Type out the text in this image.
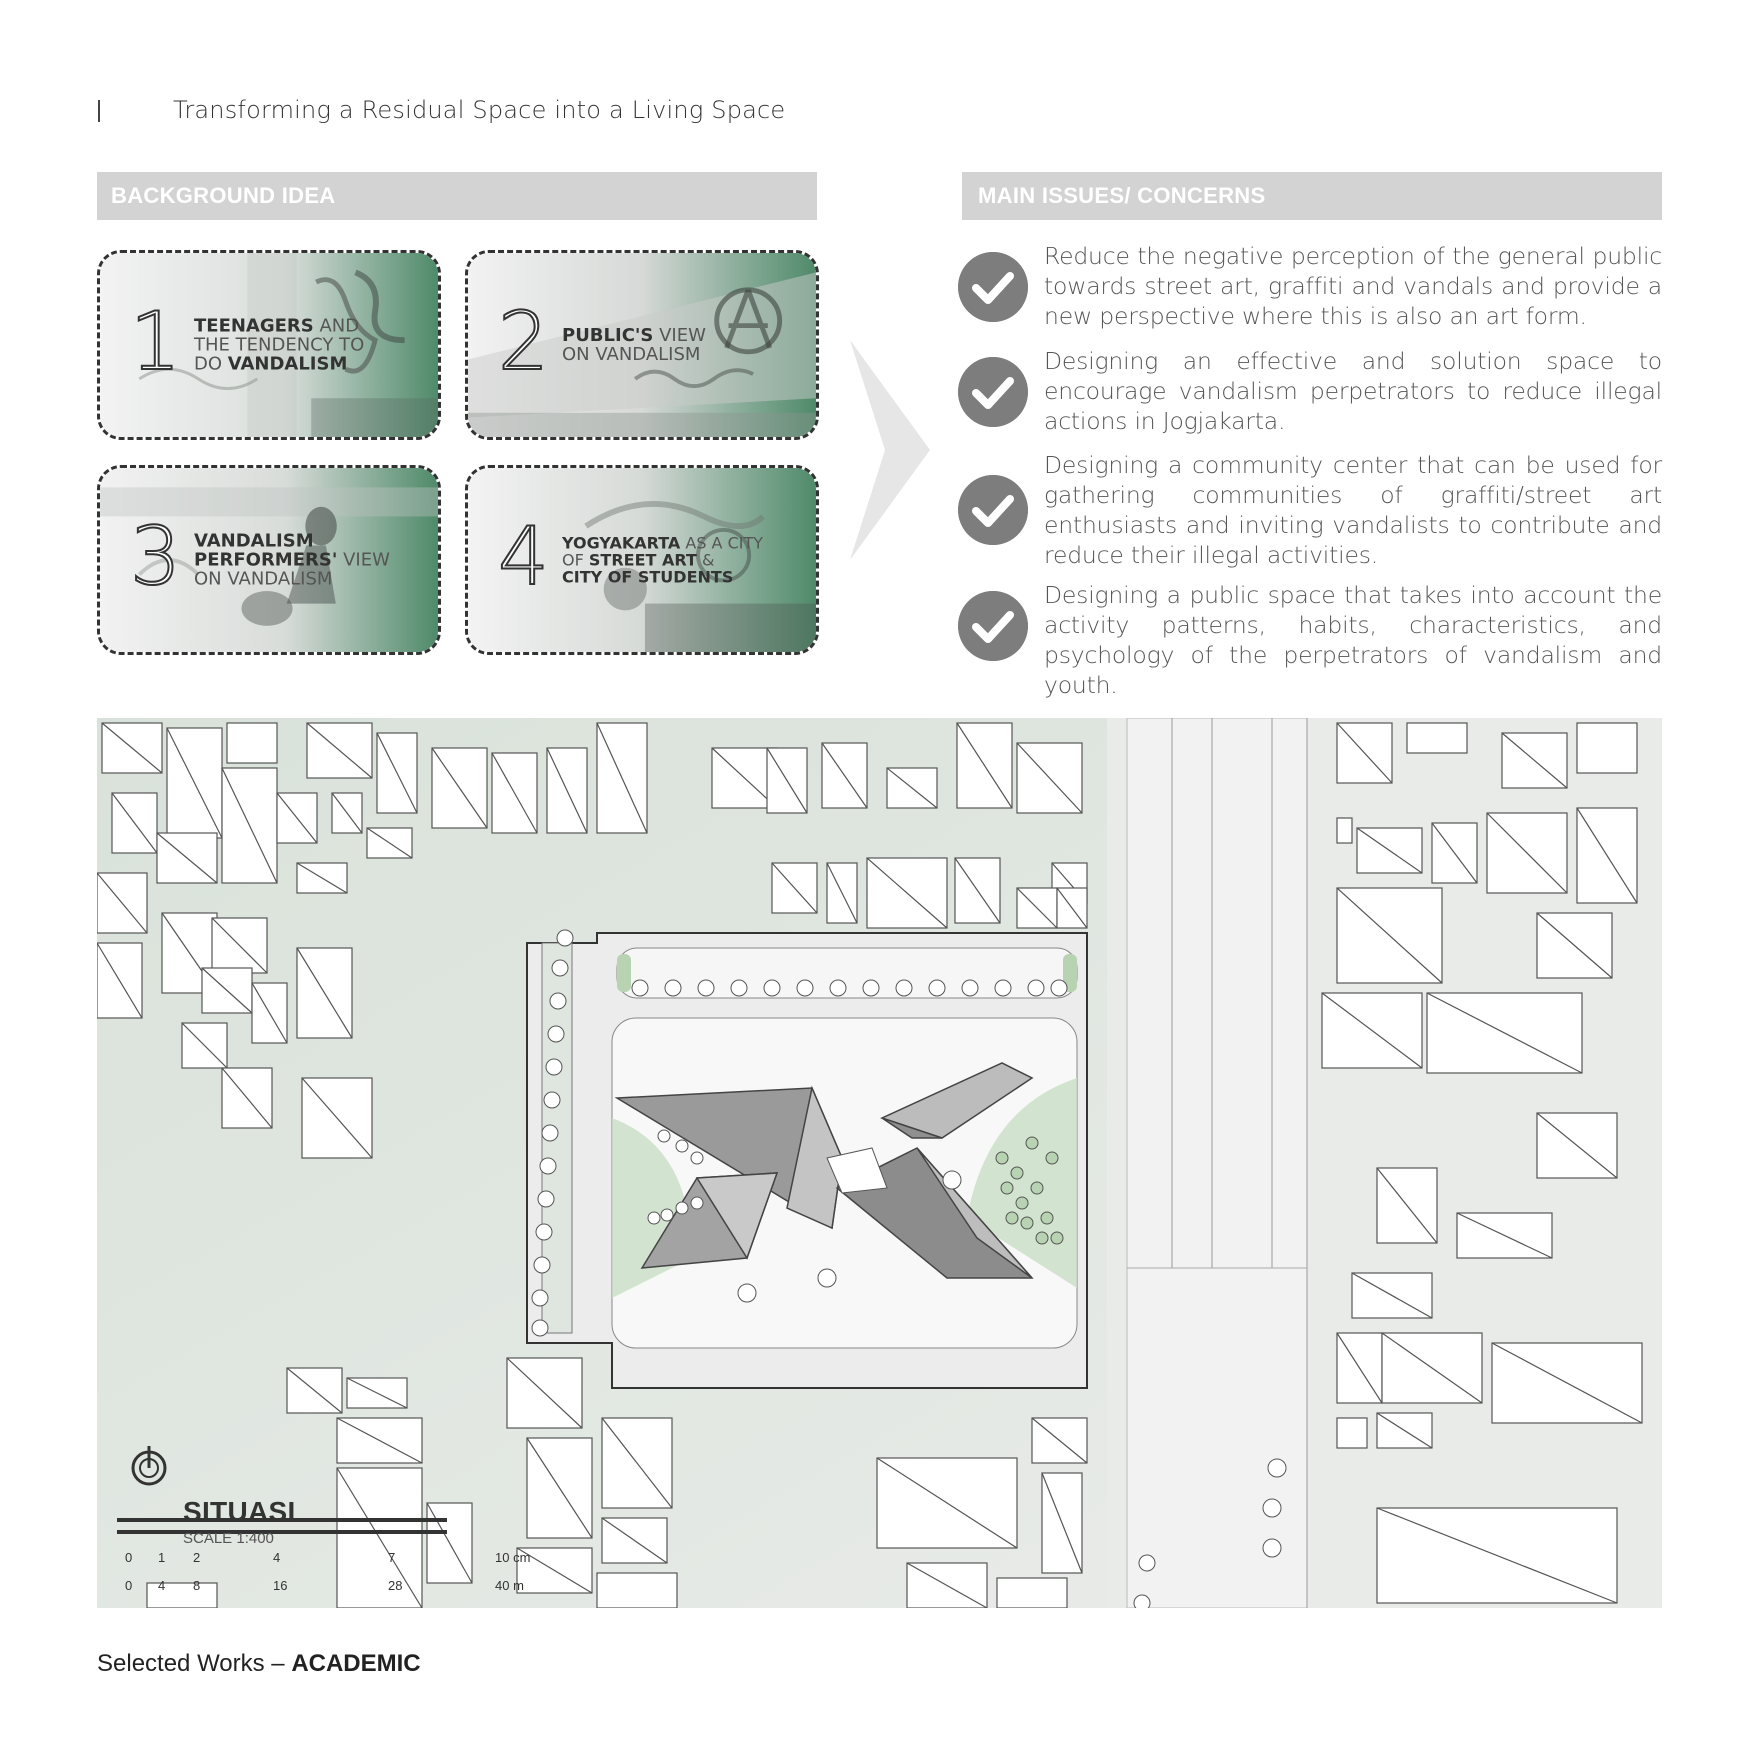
Transforming a Residual Space into a Living Space
BACKGROUND IDEA
1 TEENAGERS AND
THE TENDENCY TO
DO VANDALISM	2 PUBLIC'S VIEW
ON VANDALISM
3 VANDALISM
PERFORMERS' VIEW
ON VANDALISM	4 YOGYAKARTA AS A CITY
OF STREET ART &
CITY OF STUDENTS
MAIN ISSUES/ CONCERNS
Reduce the negative perception of the general public towards street art, graffiti and vandals and provide a new perspective where this is also an art form.
Designing an effective and solution space to encourage vandalism perpetrators to reduce illegal actions in Jogjakarta.
Designing a community center that can be used for gathering communities of graffiti/street art enthusiasts and inviting vandalists to contribute and reduce their illegal activities.
Designing a public space that takes into account the activity patterns, habits, characteristics, and psychology of the perpetrators of vandalism and youth.
SITUASI
SCALE 1:400
0 1 2	4	7	10 cm
0 4 8	16	28	40 m
Selected Works – ACADEMIC
